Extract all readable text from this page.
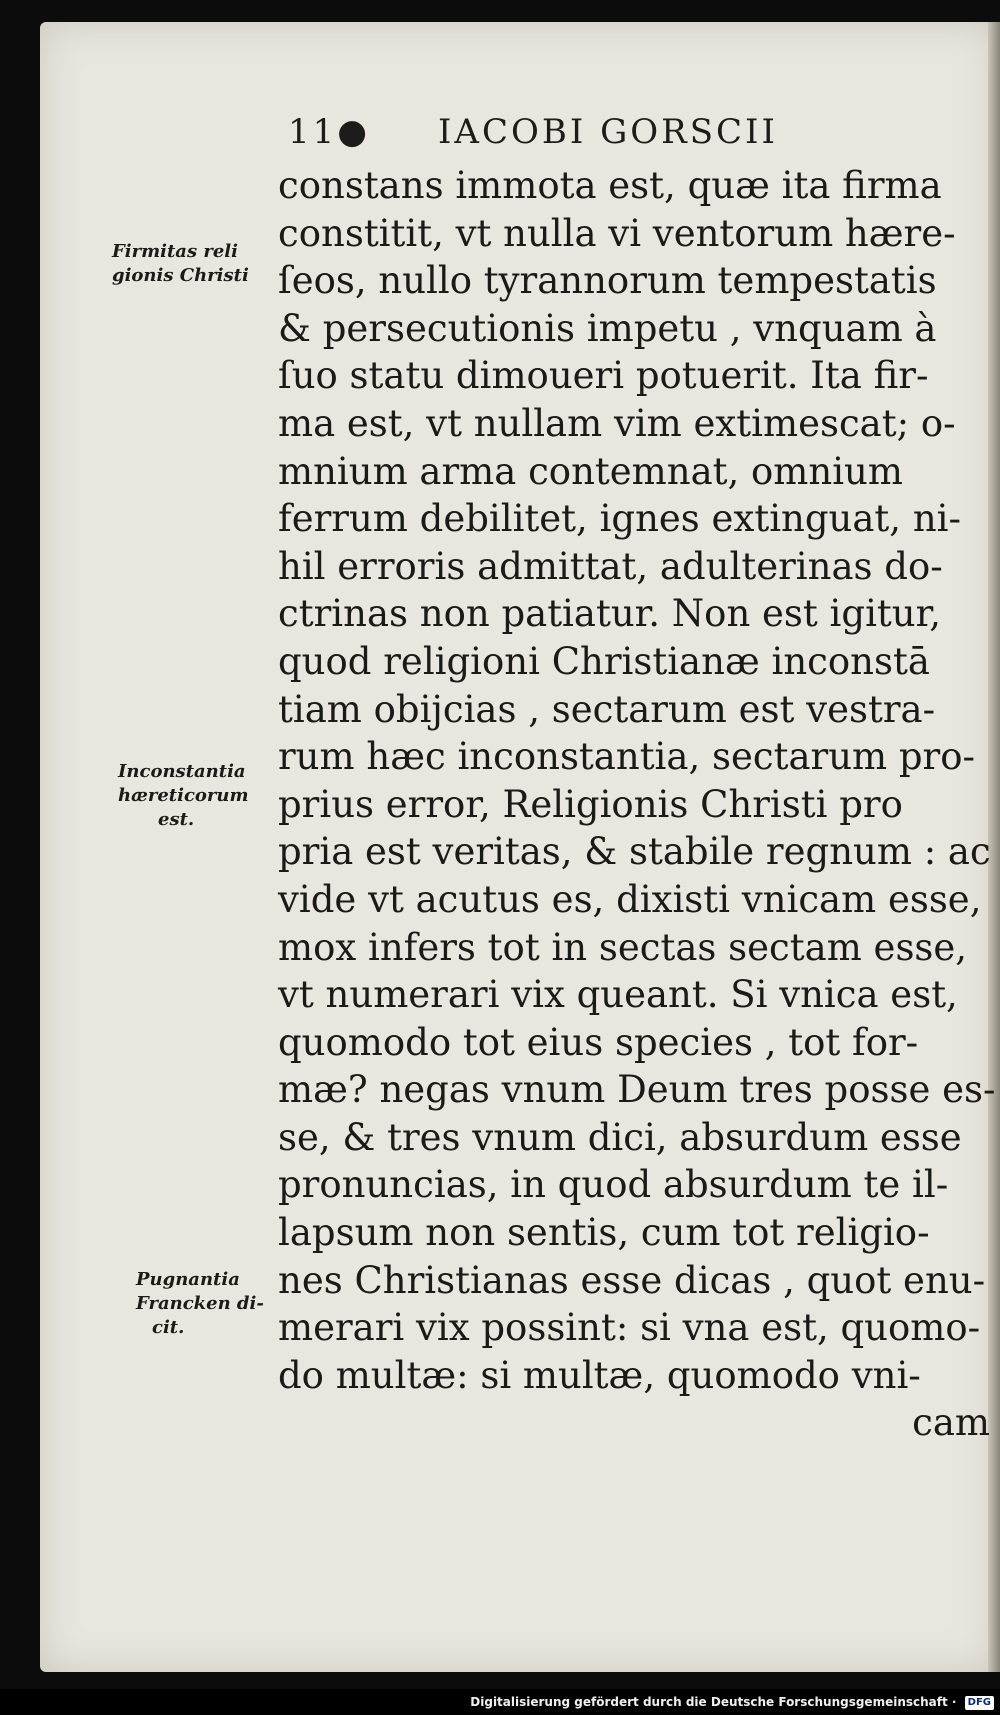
11● IACOBI GORSCII
Firmitas reli
gionis Christi
Inconstantia
hæreticorum
est.
Pugnantia
Francken di-
cit.
constans immota est, quæ ita firma
constitit, vt nulla vi ventorum hære-
ſeos, nullo tyrannorum tempestatis
& persecutionis impetu , vnquam à
ſuo statu dimoueri potuerit. Ita fir-
ma est, vt nullam vim extimescat; o-
mnium arma contemnat, omnium
ferrum debilitet, ignes extinguat, ni-
hil erroris admittat, adulterinas do-
ctrinas non patiatur. Non est igitur,
quod religioni Christianæ inconstā
tiam obijcias , sectarum est vestra-
rum hæc inconstantia, sectarum pro-
prius error, Religionis Christi pro
pria est veritas, & stabile regnum : ac
vide vt acutus es, dixisti vnicam esse,
mox infers tot in sectas sectam esse,
vt numerari vix queant. Si vnica est,
quomodo tot eius species , tot for-
mæ? negas vnum Deum tres posse es-
se, & tres vnum dici, absurdum esse
pronuncias, in quod absurdum te il-
lapsum non sentis, cum tot religio-
nes Christianas esse dicas , quot enu-
merari vix possint: si vna est, quomo-
do multæ: si multæ, quomodo vni-
cam
Digitalisierung gefördert durch die Deutsche Forschungsgemeinschaft · DFG
